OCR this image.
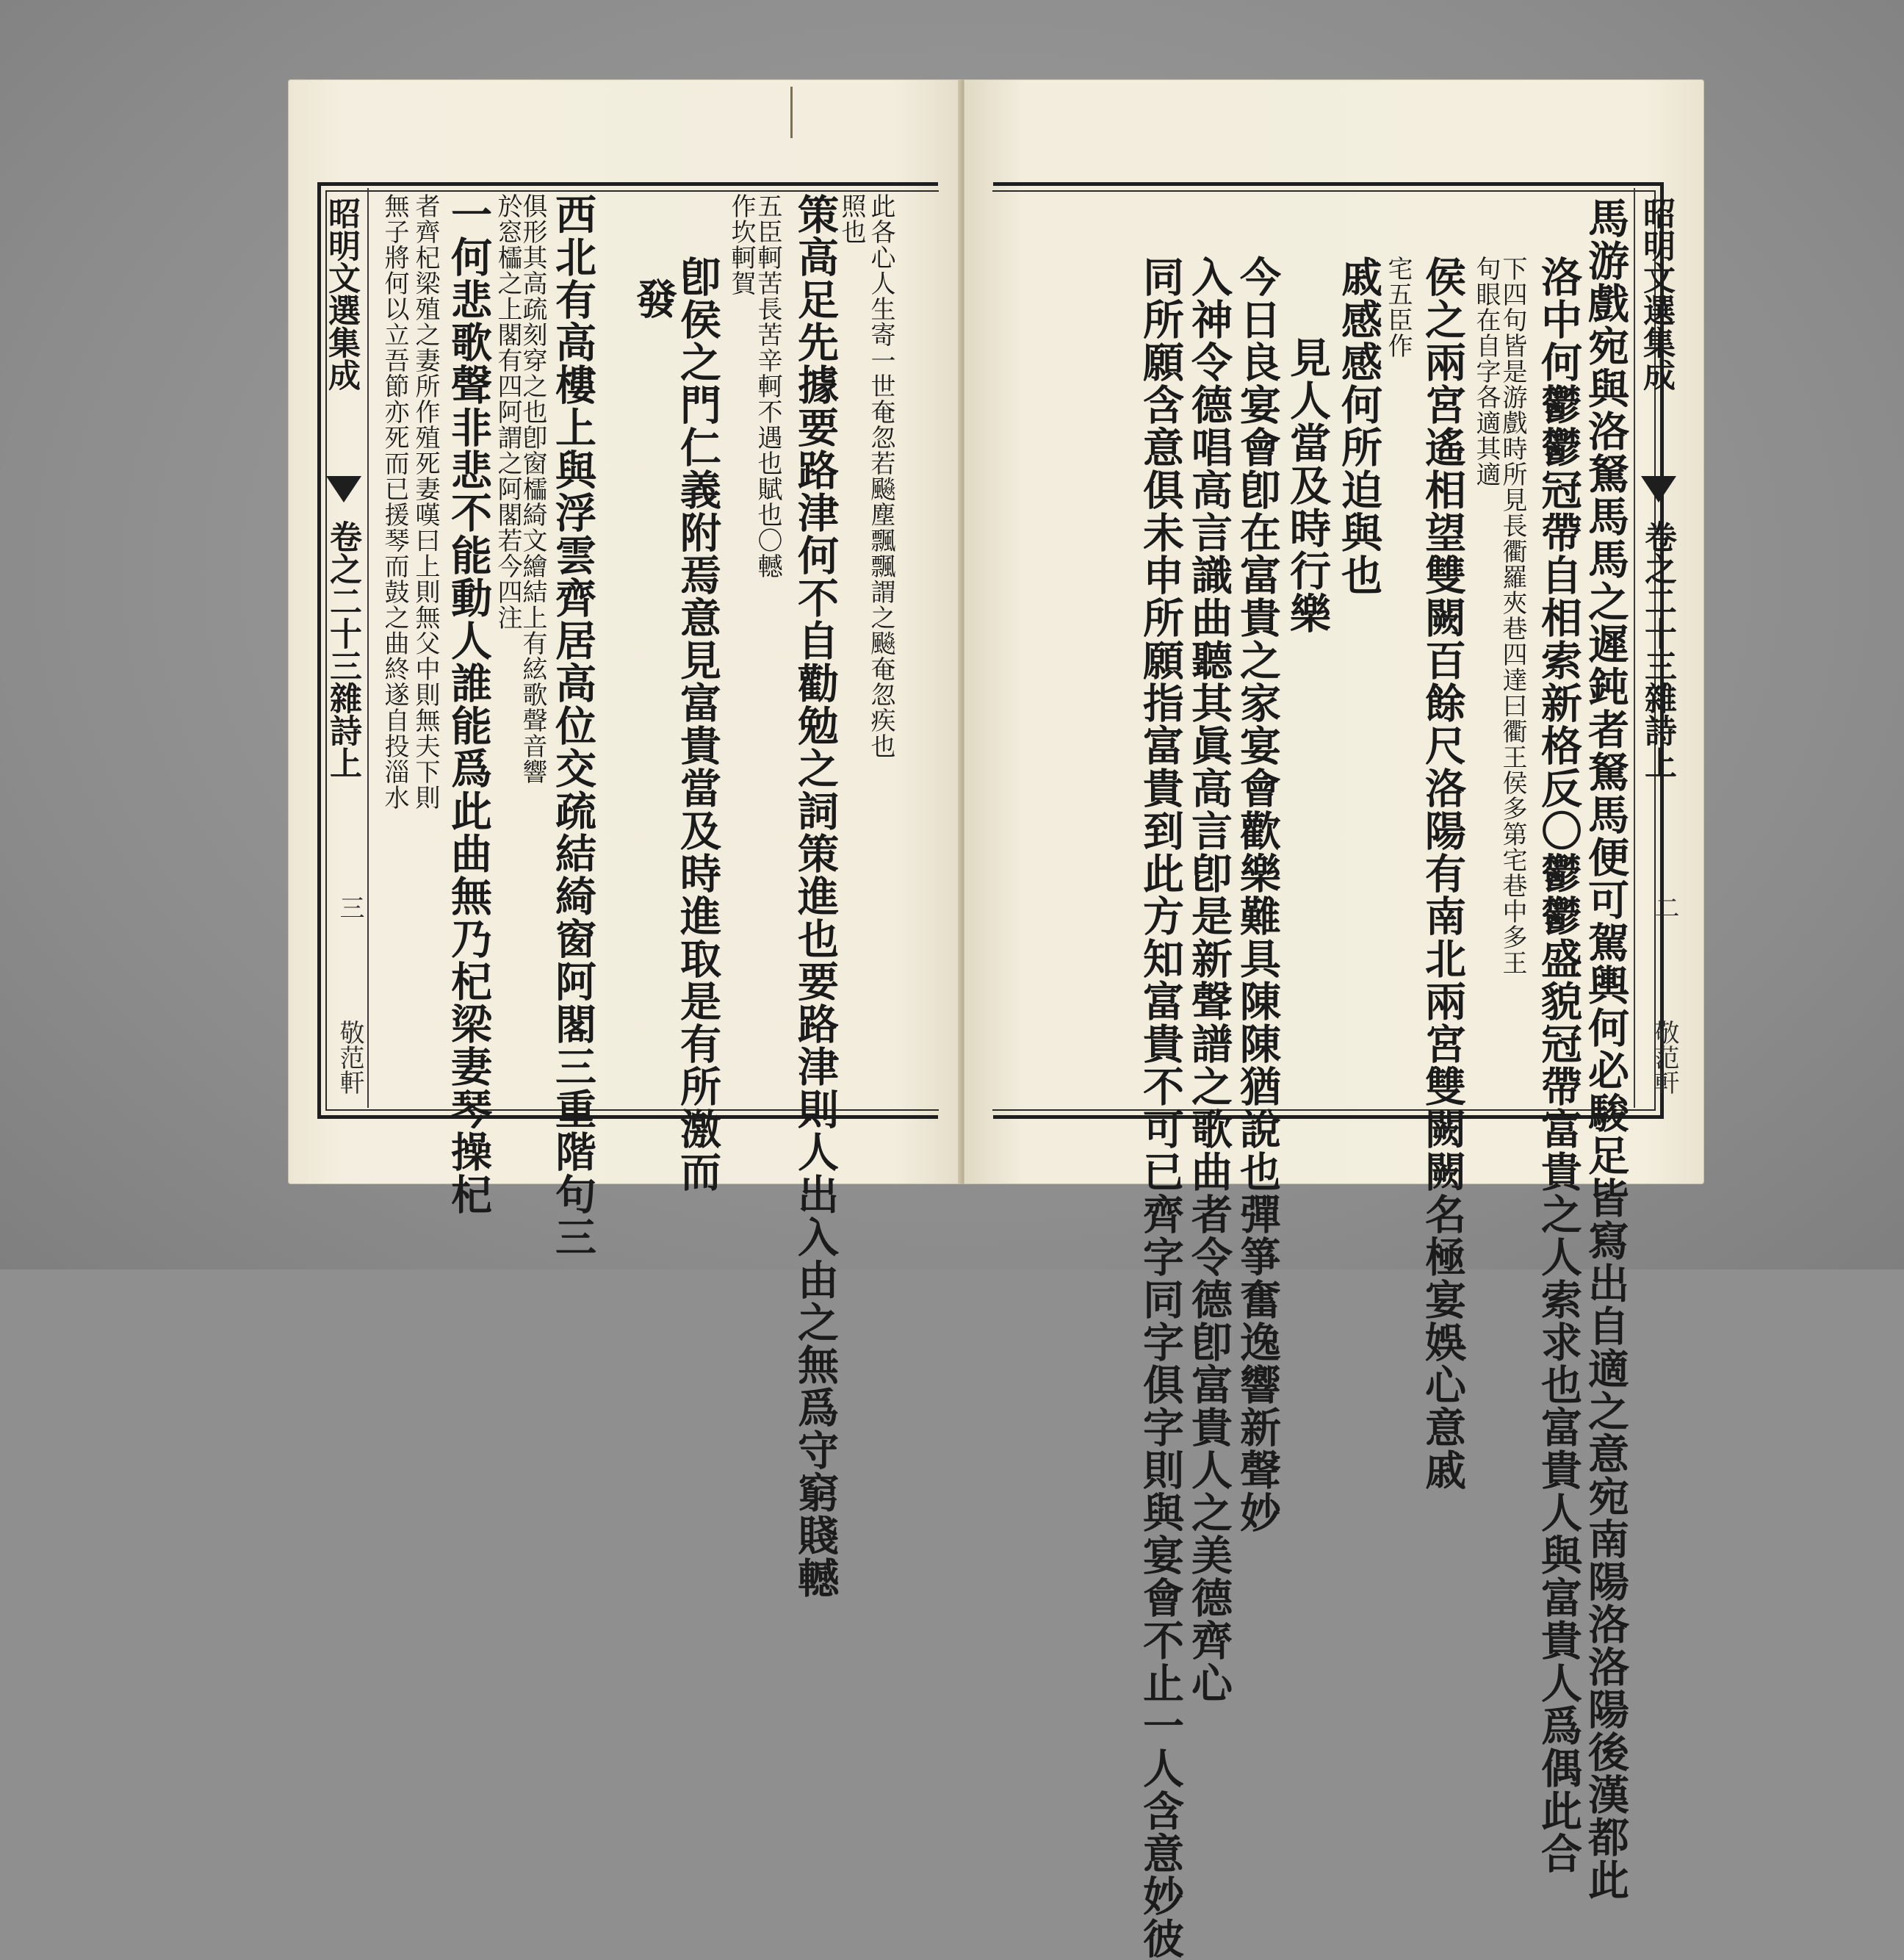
昭明文選集成
卷之二十三雜詩上
三
敬范軒
此各心人生寄一世奄忽若飈塵飄飄謂之飈奄忽疾也
照也
策高足先據要路津何不自勸勉之詞策進也要路津則人出入由之無爲守窮賤轗
五臣軻苦長苦辛軻不遇也賦也〇轗
作坎軻賀
卽侯之門仁義附焉意見富貴當及時進取是有所激而
發
西北有高樓上與浮雲齊居高位交疏結綺窗阿閣三重階句三
俱形其高疏刻穿之也卽窗櫺綺文繪結上有絃歌聲音響
於窓櫺之上閣有四阿謂之阿閣若今四注
一何悲歌聲非悲不能動人誰能爲此曲無乃杞梁妻琴操杞
者齊杞梁殖之妻所作殖死妻嘆曰上則無父中則無夫下則
無子將何以立吾節亦死而已援琴而鼓之曲終遂自投淄水	昭明文選集成
卷之二十三雜詩上
二
敬范軒
馬游戲宛與洛駑馬馬之遲鈍者駑馬便可駕輿何必駿足皆寫出自適之意宛南陽洛洛陽後漢都此
洛中何鬱鬱冠帶自相索新格反〇鬱鬱盛貌冠帶富貴之人索求也富貴人與富貴人爲偶此合
下四句皆是游戲時所見長衢羅夾巷四達曰衢王侯多第宅巷中多王
句眼在自字各適其適
侯之兩宮遙相望雙闕百餘尺洛陽有南北兩宮雙闕闕名極宴娛心意戚
宅五臣作
戚感感何所迫與也
見人當及時行樂
今日良宴會卽在富貴之家宴會歡樂難具陳陳猶說也彈箏奮逸響新聲妙
入神令德唱高言識曲聽其眞高言卽是新聲譜之歌曲者令德卽富貴人之美德齊心
同所願含意俱未申所願指富貴到此方知富貴不可已齊字同字俱字則與宴會不止一人含意妙彼
